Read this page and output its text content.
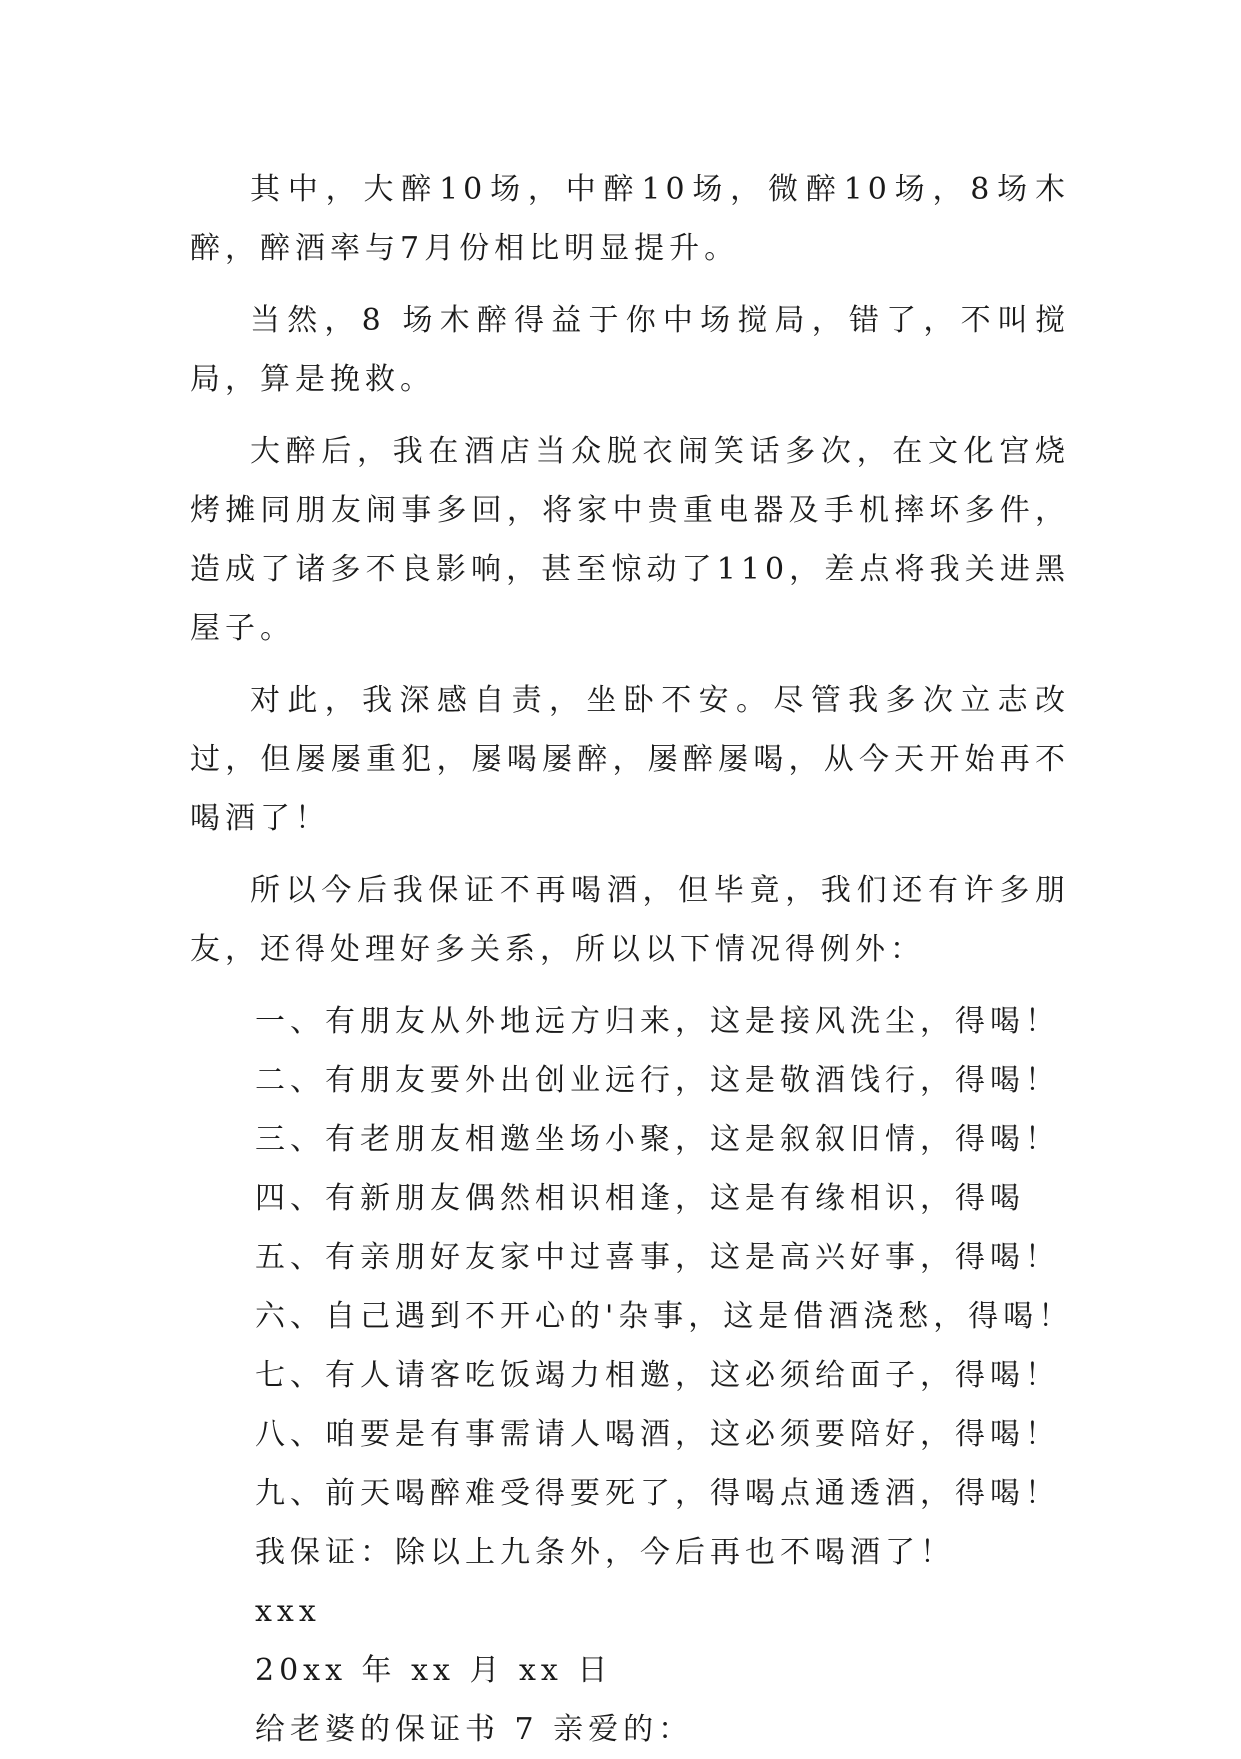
其中，大醉10场，中醉10场，微醉10场，8场木醉，醉酒率与7月份相比明显提升。

当然，8 场木醉得益于你中场搅局，错了，不叫搅局，算是挽救。

大醉后，我在酒店当众脱衣闹笑话多次，在文化宫烧烤摊同朋友闹事多回，将家中贵重电器及手机摔坏多件，造成了诸多不良影响，甚至惊动了110，差点将我关进黑屋子。

对此，我深感自责，坐卧不安。尽管我多次立志改过，但屡屡重犯，屡喝屡醉，屡醉屡喝，从今天开始再不喝酒了！

所以今后我保证不再喝酒，但毕竟，我们还有许多朋友，还得处理好多关系，所以以下情况得例外：

一、有朋友从外地远方归来，这是接风洗尘，得喝！

二、有朋友要外出创业远行，这是敬酒饯行，得喝！

三、有老朋友相邀坐场小聚，这是叙叙旧情，得喝！

四、有新朋友偶然相识相逢，这是有缘相识，得喝

五、有亲朋好友家中过喜事，这是高兴好事，得喝！

六、自己遇到不开心的'杂事，这是借酒浇愁，得喝！

七、有人请客吃饭竭力相邀，这必须给面子，得喝！

八、咱要是有事需请人喝酒，这必须要陪好，得喝！

九、前天喝醉难受得要死了，得喝点通透酒，得喝！

我保证：除以上九条外，今后再也不喝酒了！

xxx

20xx 年 xx 月 xx 日

给老婆的保证书 7 亲爱的：
